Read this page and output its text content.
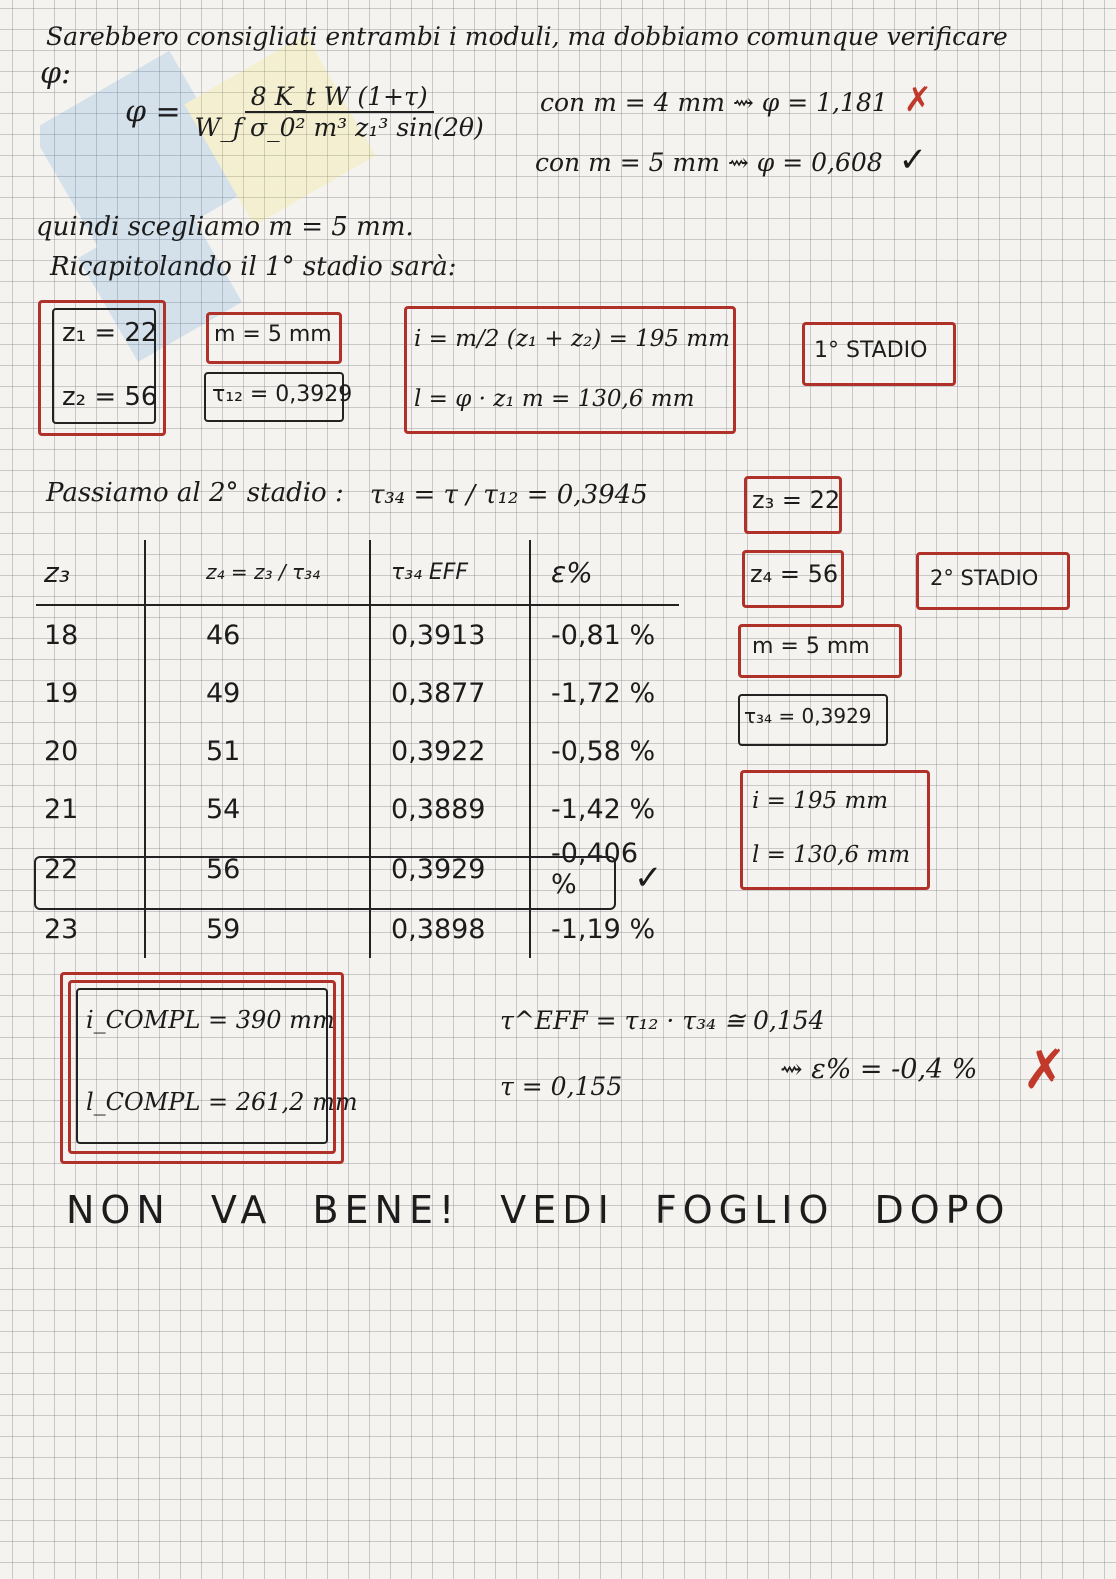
Sarebbero consigliati entrambi i moduli, ma dobbiamo comunque verificare
φ:
$\varphi = \frac{\text{8 K\_t W (1+τ)}}{\text{W\_f σ\_0² m³ z₁³ sin(2θ)}}$ con m = 4 mm ⇝ φ = 1,181 ✗
con m = 5 mm ⇝ φ = 0,608 ✓
quindi scegliamo m = 5 mm.
Ricapitolando il 1° stadio sarà:
z₁ = 22
z₂ = 56
m = 5 mm
τ₁₂ = 0,3929
i = m/2 (z₁ + z₂) = 195 mm
l = φ · z₁ m = 130,6 mm
1° STADIO
Passiamo al 2° stadio : τ₃₄ = τ / τ₁₂ = 0,3945
z₃	z₄ = z₃ / τ₃₄	τ₃₄ EFF	ε%
18	46	0,3913	-0,81 %
19	49	0,3877	-1,72 %
20	51	0,3922	-0,58 %
21	54	0,3889	-1,42 %
22	56	0,3929	-0,406 %
23	59	0,3898	-1,19 %
✓
z₃ = 22
z₄ = 56	2° STADIO
m = 5 mm
τ₃₄ = 0,3929
i = 195 mm
l = 130,6 mm
i_COMPL = 390 mm
l_COMPL = 261,2 mm
τ^EFF = τ₁₂ · τ₃₄ ≅ 0,154
τ = 0,155
⇝ ε% = -0,4 % ✗
NON VA BENE! VEDI FOGLIO DOPO
